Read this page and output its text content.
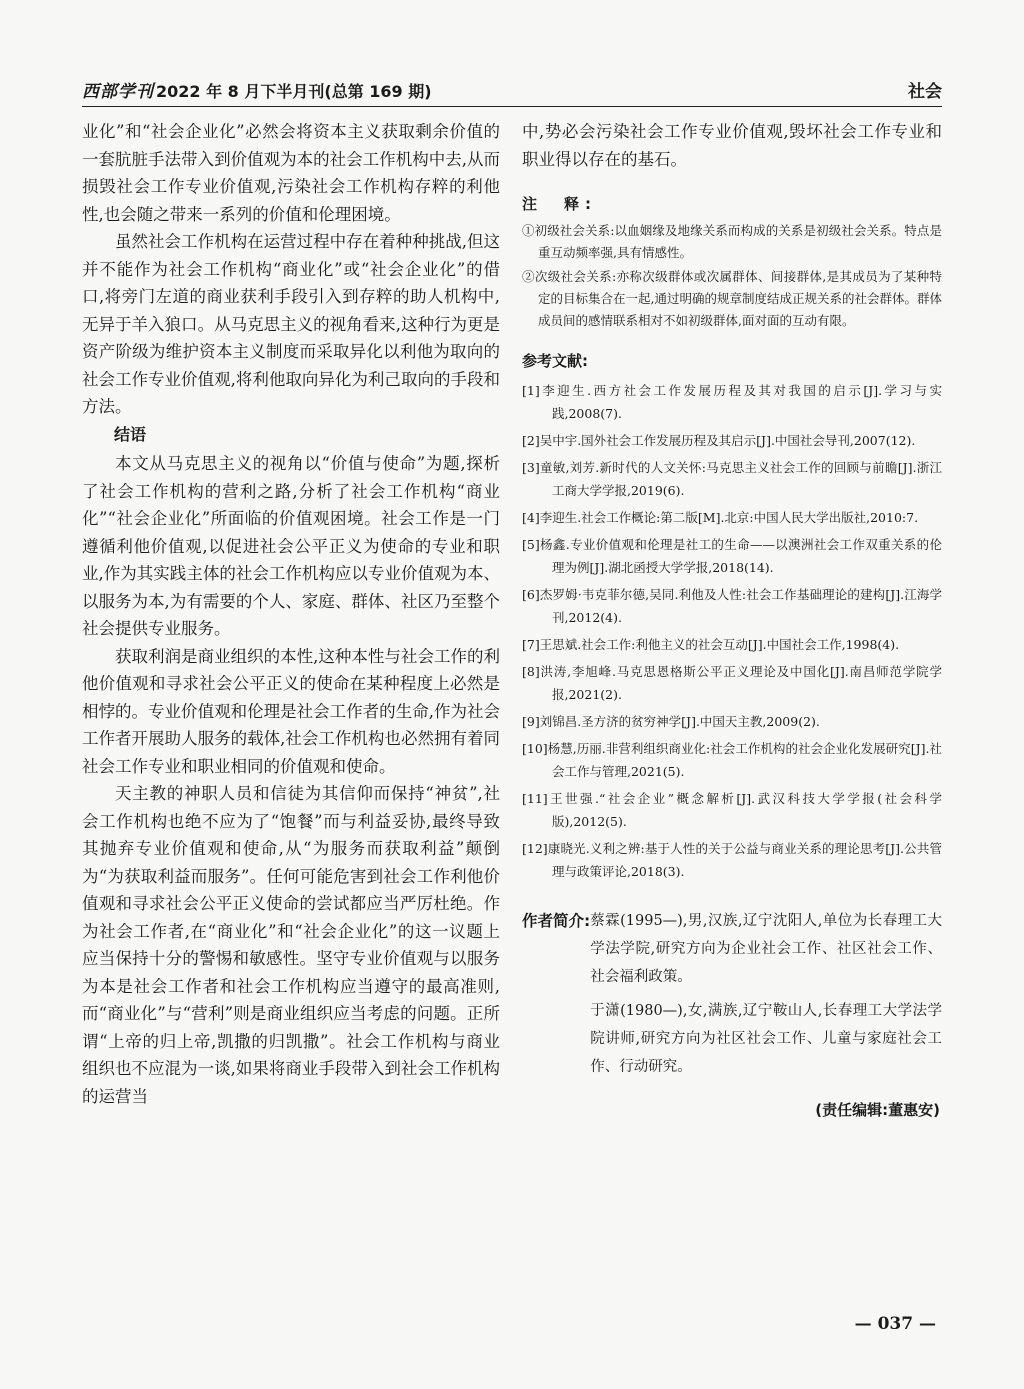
西部学刊 2022 年 8 月下半月刊(总第 169 期)	社会

业化”和“社会企业化”必然会将资本主义获取剩余价值的一套肮脏手法带入到价值观为本的社会工作机构中去,从而损毁社会工作专业价值观,污染社会工作机构存粹的利他性,也会随之带来一系列的价值和伦理困境。

虽然社会工作机构在运营过程中存在着种种挑战,但这并不能作为社会工作机构“商业化”或“社会企业化”的借口,将旁门左道的商业获利手段引入到存粹的助人机构中,无异于羊入狼口。从马克思主义的视角看来,这种行为更是资产阶级为维护资本主义制度而采取异化以利他为取向的社会工作专业价值观,将利他取向异化为利己取向的手段和方法。

结语

本文从马克思主义的视角以“价值与使命”为题,探析了社会工作机构的营利之路,分析了社会工作机构“商业化”“社会企业化”所面临的价值观困境。社会工作是一门遵循利他价值观,以促进社会公平正义为使命的专业和职业,作为其实践主体的社会工作机构应以专业价值观为本、以服务为本,为有需要的个人、家庭、群体、社区乃至整个社会提供专业服务。

获取利润是商业组织的本性,这种本性与社会工作的利他价值观和寻求社会公平正义的使命在某种程度上必然是相悖的。专业价值观和伦理是社会工作者的生命,作为社会工作者开展助人服务的载体,社会工作机构也必然拥有着同社会工作专业和职业相同的价值观和使命。

天主教的神职人员和信徒为其信仰而保持“神贫”,社会工作机构也绝不应为了“饱餐”而与利益妥协,最终导致其抛弃专业价值观和使命,从“为服务而获取利益”颠倒为“为获取利益而服务”。任何可能危害到社会工作利他价值观和寻求社会公平正义使命的尝试都应当严厉杜绝。作为社会工作者,在“商业化”和“社会企业化”的这一议题上应当保持十分的警惕和敏感性。坚守专业价值观与以服务为本是社会工作者和社会工作机构应当遵守的最高准则,而“商业化”与“营利”则是商业组织应当考虑的问题。正所谓“上帝的归上帝,凯撒的归凯撒”。社会工作机构与商业组织也不应混为一谈,如果将商业手段带入到社会工作机构的运营当

中,势必会污染社会工作专业价值观,毁坏社会工作专业和职业得以存在的基石。

注　释:

①初级社会关系:以血姻缘及地缘关系而构成的关系是初级社会关系。特点是重互动频率强,具有情感性。

②次级社会关系:亦称次级群体或次属群体、间接群体,是其成员为了某种特定的目标集合在一起,通过明确的规章制度结成正规关系的社会群体。群体成员间的感情联系相对不如初级群体,面对面的互动有限。

参考文献:

[1]李迎生.西方社会工作发展历程及其对我国的启示[J].学习与实践,2008(7).

[2]吴中宇.国外社会工作发展历程及其启示[J].中国社会导刊,2007(12).

[3]童敏,刘芳.新时代的人文关怀:马克思主义社会工作的回顾与前瞻[J].浙江工商大学学报,2019(6).

[4]李迎生.社会工作概论:第二版[M].北京:中国人民大学出版社,2010:7.

[5]杨鑫.专业价值观和伦理是社工的生命——以澳洲社会工作双重关系的伦理为例[J].湖北函授大学学报,2018(14).

[6]杰罗姆·韦克菲尔德,吴同.利他及人性:社会工作基础理论的建构[J].江海学刊,2012(4).

[7]王思斌.社会工作:利他主义的社会互动[J].中国社会工作,1998(4).

[8]洪涛,李旭峰.马克思恩格斯公平正义理论及中国化[J].南昌师范学院学报,2021(2).

[9]刘锦昌.圣方济的贫穷神学[J].中国天主教,2009(2).

[10]杨慧,历丽.非营利组织商业化:社会工作机构的社会企业化发展研究[J].社会工作与管理,2021(5).

[11]王世强.“社会企业”概念解析[J].武汉科技大学学报(社会科学版),2012(5).

[12]康晓光.义利之辨:基于人性的关于公益与商业关系的理论思考[J].公共管理与政策评论,2018(3).

作者简介: 蔡霖(1995—),男,汉族,辽宁沈阳人,单位为长春理工大学法学院,研究方向为企业社会工作、社区社会工作、社会福利政策。

于潇(1980—),女,满族,辽宁鞍山人,长春理工大学法学院讲师,研究方向为社区社会工作、儿童与家庭社会工作、行动研究。

(责任编辑:董惠安)
— 037 —
